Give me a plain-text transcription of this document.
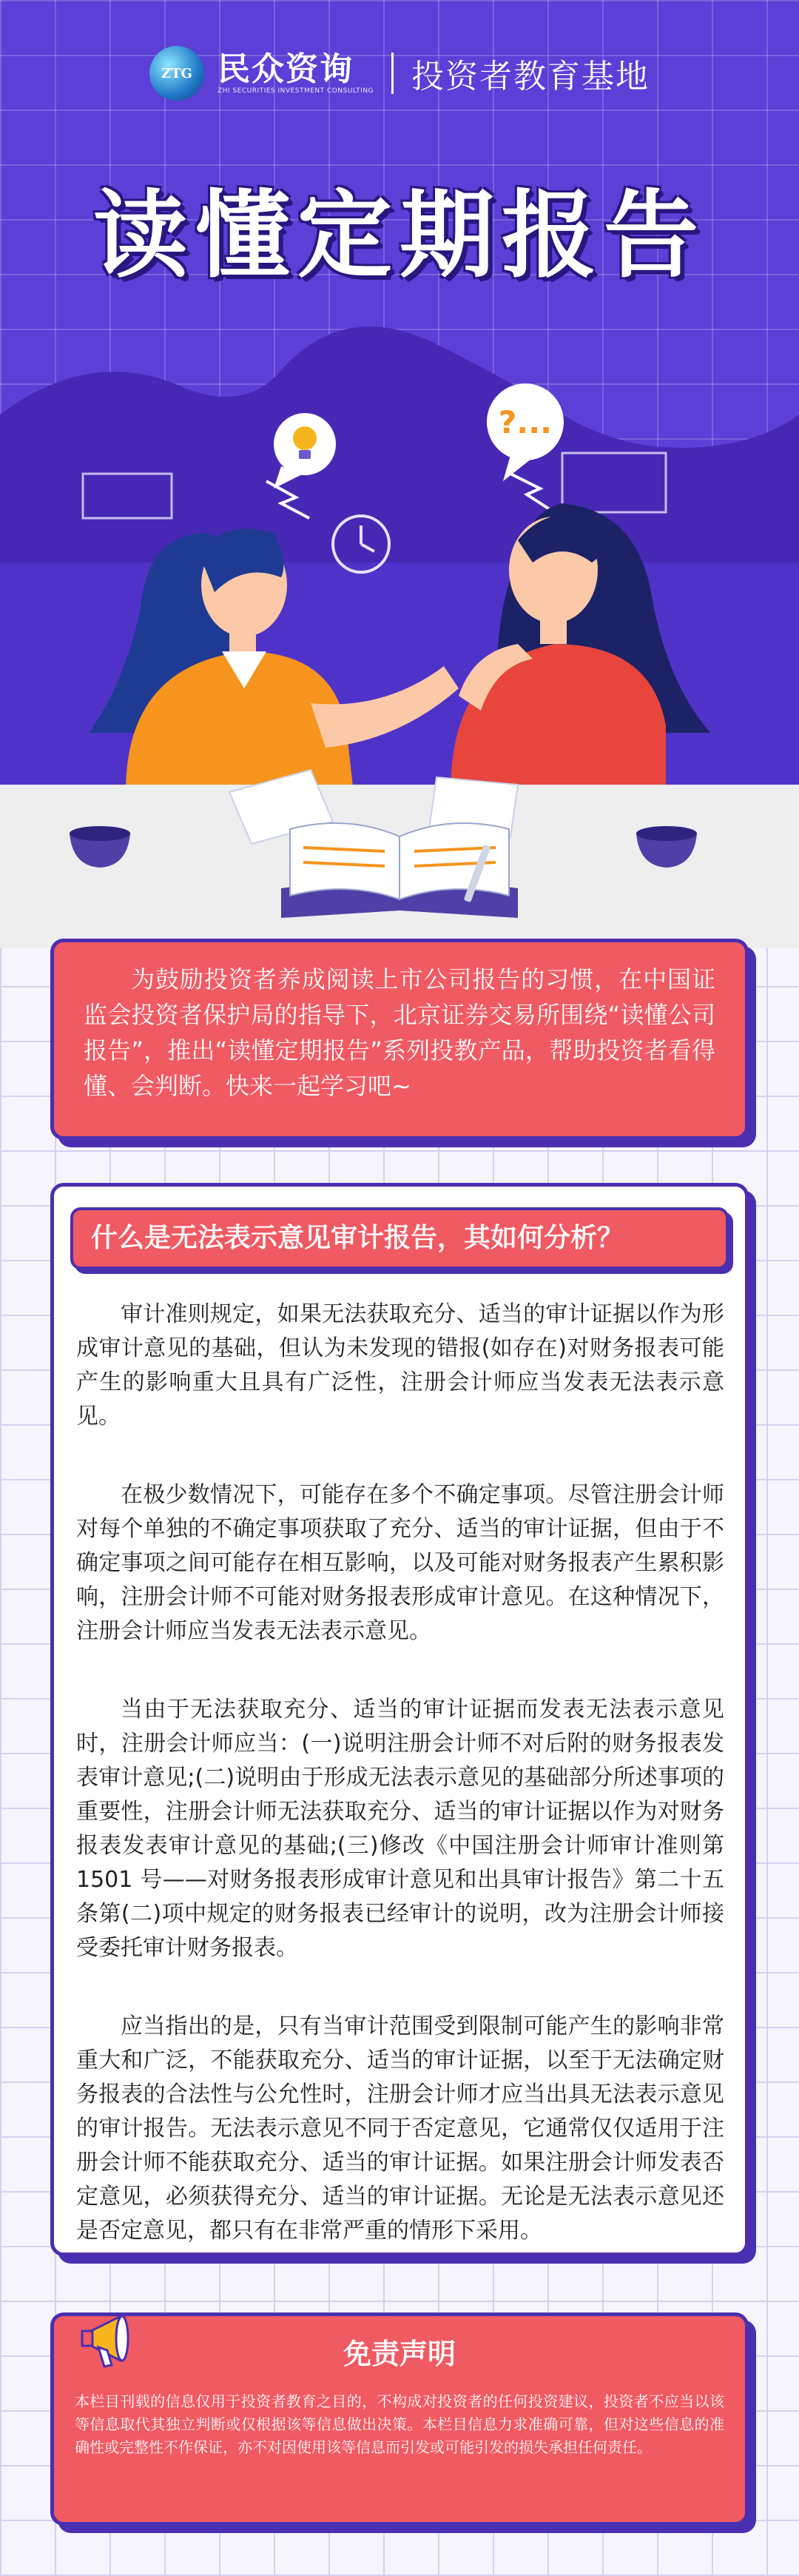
?...
ZTG 民众资询
ZHI SECURITIES INVESTMENT CONSULTING 投资者教育基地
读懂定期报告

为鼓励投资者养成阅读上市公司报告的习惯，在中国证监会投资者保护局的指导下，北京证券交易所围绕“读懂公司报告”，推出“读懂定期报告”系列投教产品，帮助投资者看得懂、会判断。快来一起学习吧~

什么是无法表示意见审计报告，其如何分析？

审计准则规定，如果无法获取充分、适当的审计证据以作为形成审计意见的基础，但认为未发现的错报(如存在)对财务报表可能产生的影响重大且具有广泛性，注册会计师应当发表无法表示意见。

在极少数情况下，可能存在多个不确定事项。尽管注册会计师对每个单独的不确定事项获取了充分、适当的审计证据，但由于不确定事项之间可能存在相互影响，以及可能对财务报表产生累积影响，注册会计师不可能对财务报表形成审计意见。在这种情况下，注册会计师应当发表无法表示意见。

当由于无法获取充分、适当的审计证据而发表无法表示意见时，注册会计师应当：(一)说明注册会计师不对后附的财务报表发表审计意见;(二)说明由于形成无法表示意见的基础部分所述事项的重要性，注册会计师无法获取充分、适当的审计证据以作为对财务报表发表审计意见的基础;(三)修改《中国注册会计师审计准则第 1501 号——对财务报表形成审计意见和出具审计报告》第二十五条第(二)项中规定的财务报表已经审计的说明，改为注册会计师接受委托审计财务报表。

应当指出的是，只有当审计范围受到限制可能产生的影响非常重大和广泛，不能获取充分、适当的审计证据，以至于无法确定财务报表的合法性与公允性时，注册会计师才应当出具无法表示意见的审计报告。无法表示意见不同于否定意见，它通常仅仅适用于注册会计师不能获取充分、适当的审计证据。如果注册会计师发表否定意见，必须获得充分、适当的审计证据。无论是无法表示意见还是否定意见，都只有在非常严重的情形下采用。

免责声明

本栏目刊载的信息仅用于投资者教育之目的，不构成对投资者的任何投资建议，投资者不应当以该等信息取代其独立判断或仅根据该等信息做出决策。本栏目信息力求准确可靠，但对这些信息的准确性或完整性不作保证，亦不对因使用该等信息而引发或可能引发的损失承担任何责任。
